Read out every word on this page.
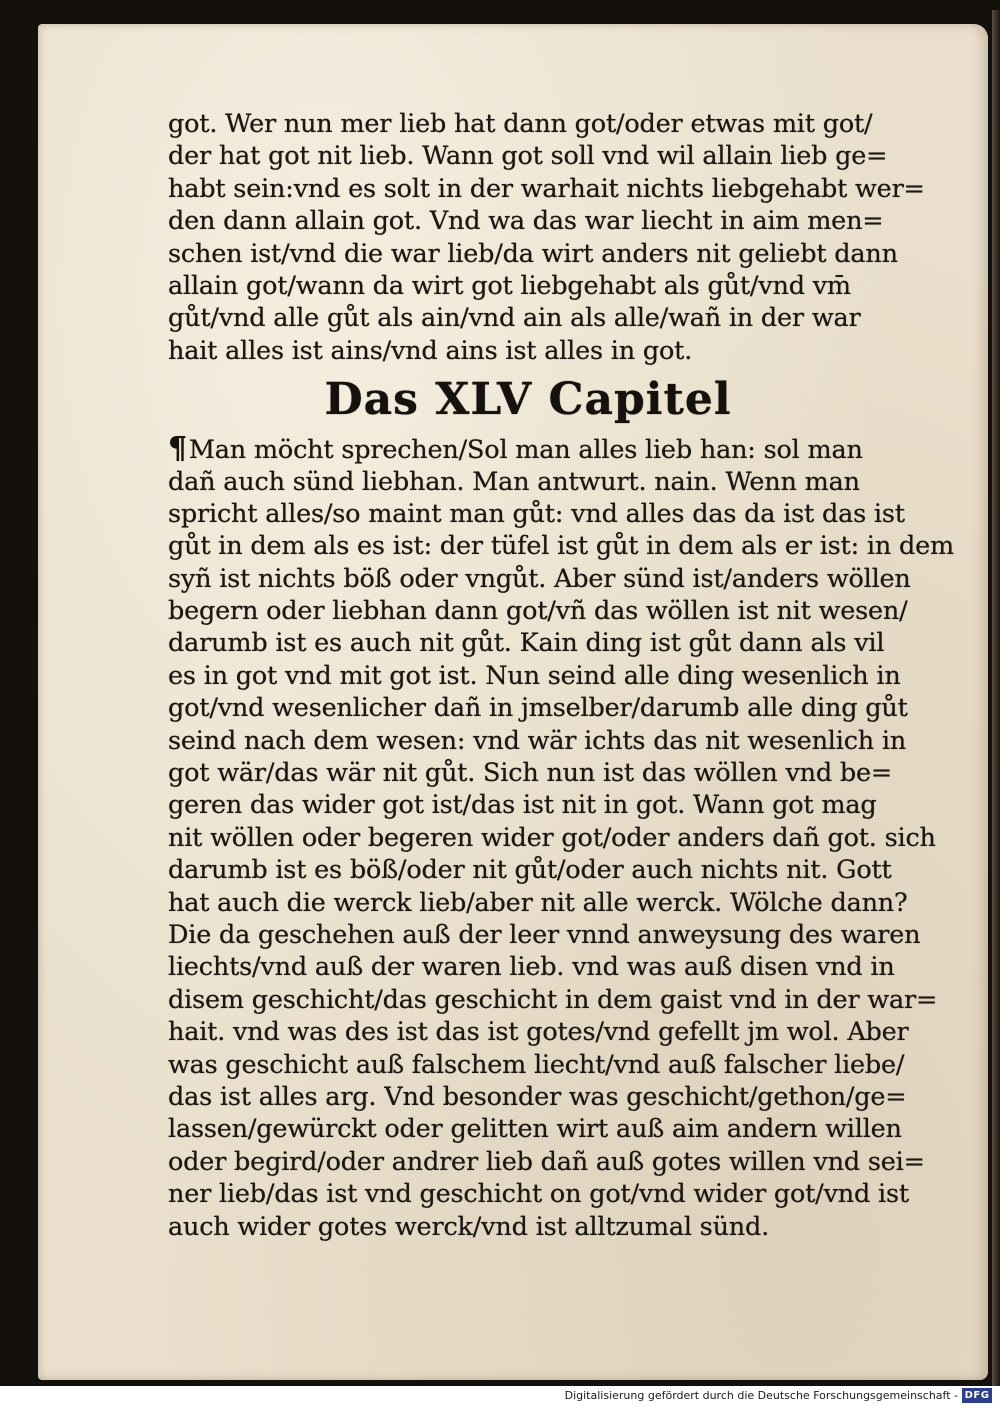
got. Wer nun mer lieb hat dann got/oder etwas mit got/
der hat got nit lieb. Wann got soll vnd wil allain lieb ge=
habt sein:vnd es solt in der warhait nichts liebgehabt wer=
den dann allain got. Vnd wa das war liecht in aim men=
schen ist/vnd die war lieb/da wirt anders nit geliebt dann
allain got/wann da wirt got liebgehabt als gůt/vnd vm̄
gůt/vnd alle gůt als ain/vnd ain als alle/wañ in der war
hait alles ist ains/vnd ains ist alles in got.
Das XLV Capitel
¶Man möcht sprechen/Sol man alles lieb han: sol man
dañ auch sünd liebhan. Man antwurt. nain. Wenn man
spricht alles/so maint man gůt: vnd alles das da ist das ist
gůt in dem als es ist: der tüfel ist gůt in dem als er ist: in dem
syñ ist nichts böß oder vngůt. Aber sünd ist/anders wöllen
begern oder liebhan dann got/vñ das wöllen ist nit wesen/
darumb ist es auch nit gůt. Kain ding ist gůt dann als vil
es in got vnd mit got ist. Nun seind alle ding wesenlich in
got/vnd wesenlicher dañ in jmselber/darumb alle ding gůt
seind nach dem wesen: vnd wär ichts das nit wesenlich in
got wär/das wär nit gůt. Sich nun ist das wöllen vnd be=
geren das wider got ist/das ist nit in got. Wann got mag
nit wöllen oder begeren wider got/oder anders dañ got. sich
darumb ist es böß/oder nit gůt/oder auch nichts nit. Gott
hat auch die werck lieb/aber nit alle werck. Wölche dann?
Die da geschehen auß der leer vnnd anweysung des waren
liechts/vnd auß der waren lieb. vnd was auß disen vnd in
disem geschicht/das geschicht in dem gaist vnd in der war=
hait. vnd was des ist das ist gotes/vnd gefellt jm wol. Aber
was geschicht auß falschem liecht/vnd auß falscher liebe/
das ist alles arg. Vnd besonder was geschicht/gethon/ge=
lassen/gewürckt oder gelitten wirt auß aim andern willen
oder begird/oder andrer lieb dañ auß gotes willen vnd sei=
ner lieb/das ist vnd geschicht on got/vnd wider got/vnd ist
auch wider gotes werck/vnd ist alltzumal sünd.
Digitalisierung gefördert durch die Deutsche Forschungsgemeinschaft - DFG
